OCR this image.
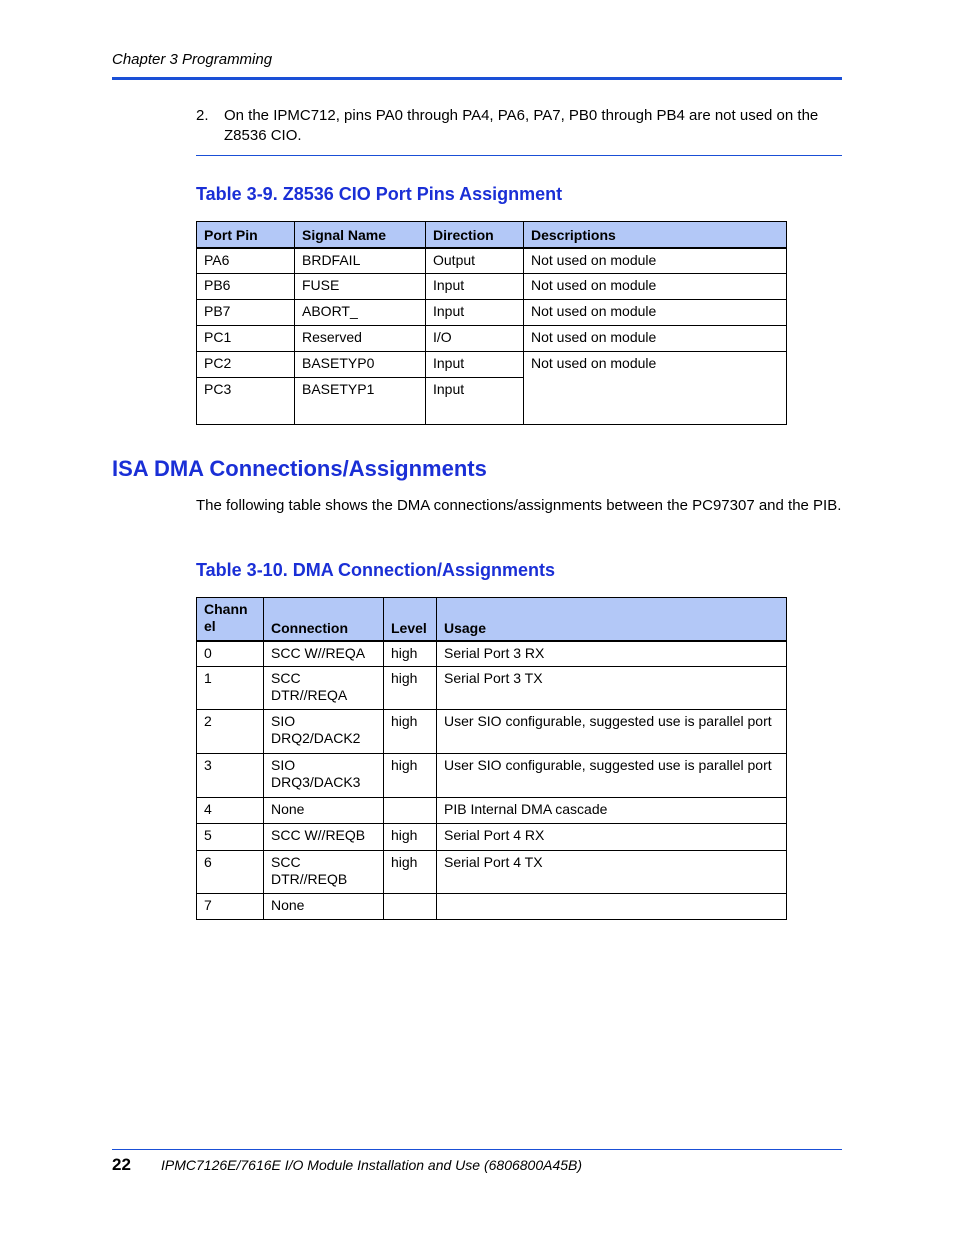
Chapter 3 Programming
2. On the IPMC712, pins PA0 through PA4, PA6, PA7, PB0 through PB4 are not used on the Z8536 CIO.
Table 3-9. Z8536 CIO Port Pins Assignment
Port Pin	Signal Name	Direction	Descriptions
PA6	BRDFAIL	Output	Not used on module
PB6	FUSE	Input	Not used on module
PB7	ABORT_	Input	Not used on module
PC1	Reserved	I/O	Not used on module
PC2	BASETYP0	Input	Not used on module
PC3	BASETYP1	Input	
ISA DMA Connections/Assignments
The following table shows the DMA connections/assignments between the PC97307 and the PIB.
Table 3-10. DMA Connection/Assignments
Chann el	Connection	Level	Usage
0	SCC W//REQA	high	Serial Port 3 RX
1	SCC DTR//REQA	high	Serial Port 3 TX
2	SIO DRQ2/DACK2	high	User SIO configurable, suggested use is parallel port
3	SIO DRQ3/DACK3	high	User SIO configurable, suggested use is parallel port
4	None		PIB Internal DMA cascade
5	SCC W//REQB	high	Serial Port 4 RX
6	SCC DTR//REQB	high	Serial Port 4 TX
7	None		
22 IPMC7126E/7616E I/O Module Installation and Use (6806800A45B)
